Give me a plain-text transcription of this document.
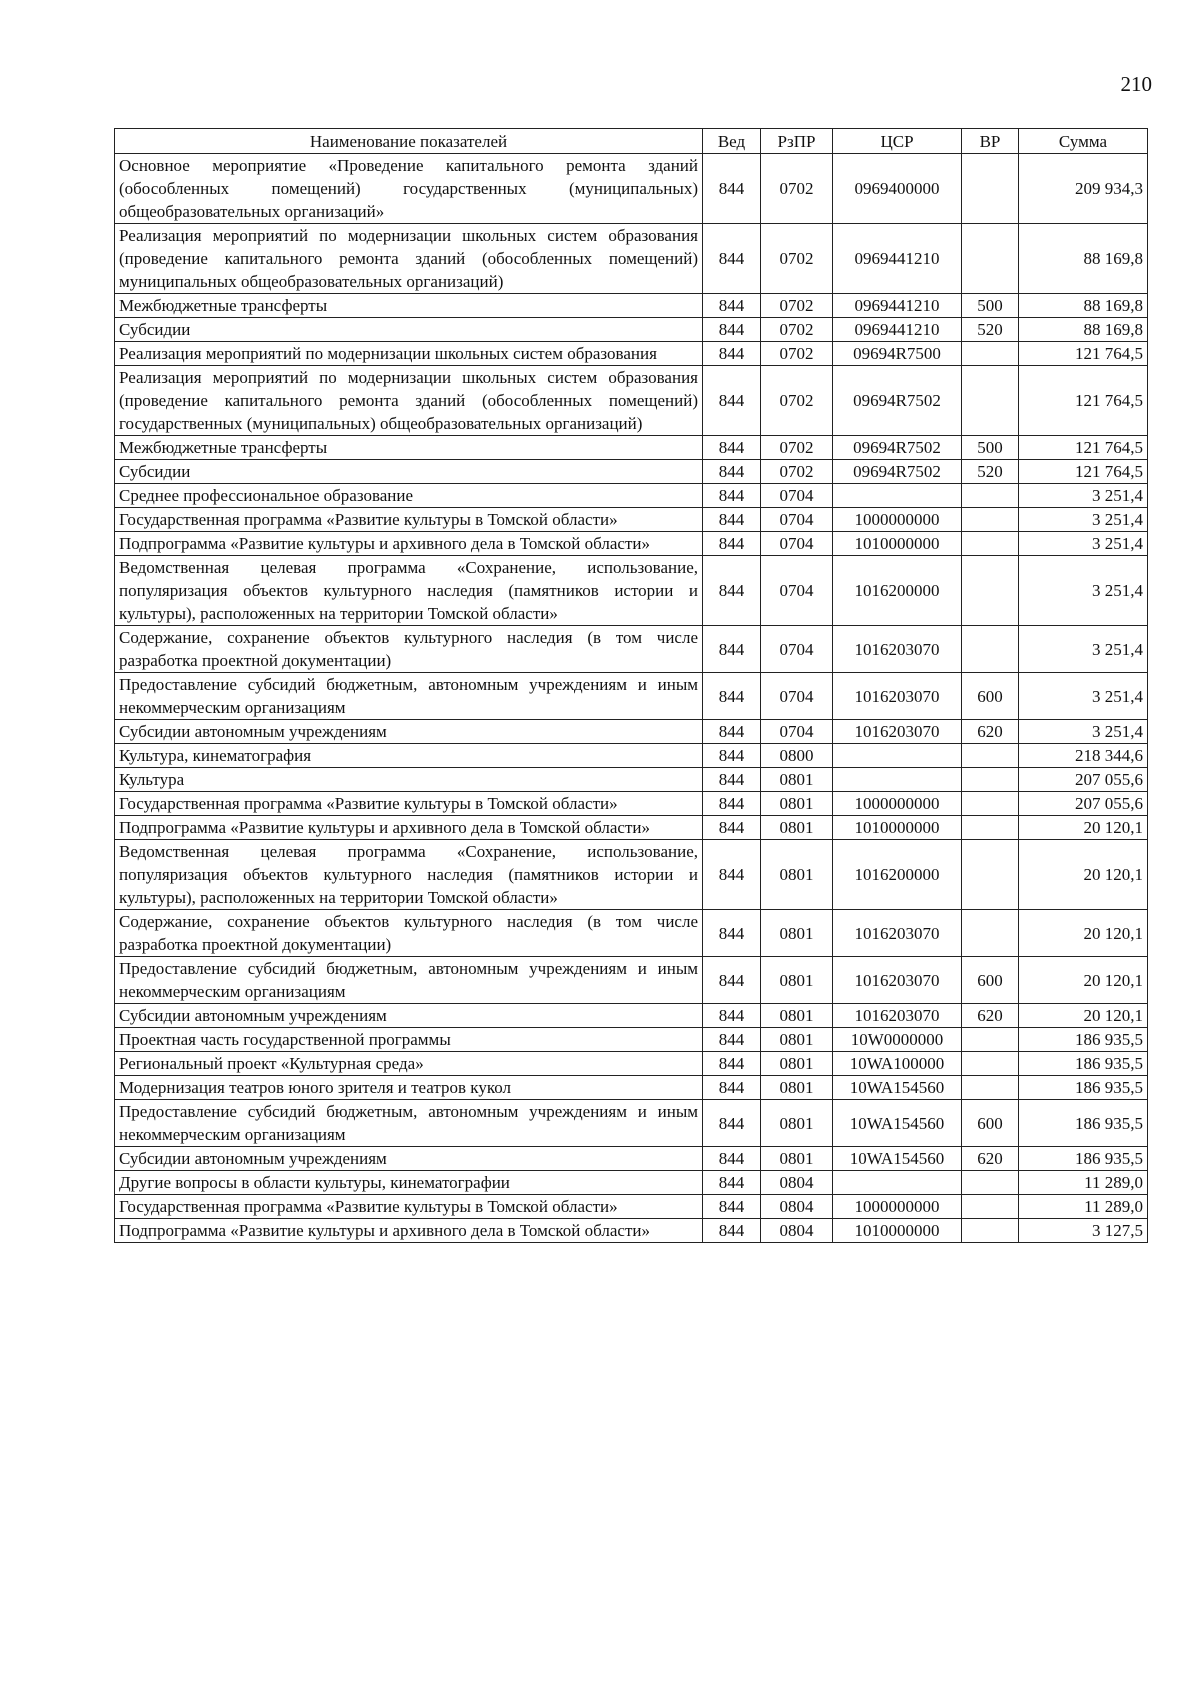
210
Наименование показателей	Вед	РзПР	ЦСР	ВР	Сумма
Основное мероприятие «Проведение капитального ремонта зданий (обособленных помещений) государственных (муниципальных) общеобразовательных организаций»	844	0702	0969400000		209 934,3
Реализация мероприятий по модернизации школьных систем образования (проведение капитального ремонта зданий (обособленных помещений) муниципальных общеобразовательных организаций)	844	0702	0969441210		88 169,8
Межбюджетные трансферты	844	0702	0969441210	500	88 169,8
Субсидии	844	0702	0969441210	520	88 169,8
Реализация мероприятий по модернизации школьных систем образования	844	0702	09694R7500		121 764,5
Реализация мероприятий по модернизации школьных систем образования (проведение капитального ремонта зданий (обособленных помещений) государственных (муниципальных) общеобразовательных организаций)	844	0702	09694R7502		121 764,5
Межбюджетные трансферты	844	0702	09694R7502	500	121 764,5
Субсидии	844	0702	09694R7502	520	121 764,5
Среднее профессиональное образование	844	0704			3 251,4
Государственная программа «Развитие культуры в Томской области»	844	0704	1000000000		3 251,4
Подпрограмма «Развитие культуры и архивного дела в Томской области»	844	0704	1010000000		3 251,4
Ведомственная целевая программа «Сохранение, использование, популяризация объектов культурного наследия (памятников истории и культуры), расположенных на территории Томской области»	844	0704	1016200000		3 251,4
Содержание, сохранение объектов культурного наследия (в том числе разработка проектной документации)	844	0704	1016203070		3 251,4
Предоставление субсидий бюджетным, автономным учреждениям и иным некоммерческим организациям	844	0704	1016203070	600	3 251,4
Субсидии автономным учреждениям	844	0704	1016203070	620	3 251,4
Культура, кинематография	844	0800			218 344,6
Культура	844	0801			207 055,6
Государственная программа «Развитие культуры в Томской области»	844	0801	1000000000		207 055,6
Подпрограмма «Развитие культуры и архивного дела в Томской области»	844	0801	1010000000		20 120,1
Ведомственная целевая программа «Сохранение, использование, популяризация объектов культурного наследия (памятников истории и культуры), расположенных на территории Томской области»	844	0801	1016200000		20 120,1
Содержание, сохранение объектов культурного наследия (в том числе разработка проектной документации)	844	0801	1016203070		20 120,1
Предоставление субсидий бюджетным, автономным учреждениям и иным некоммерческим организациям	844	0801	1016203070	600	20 120,1
Субсидии автономным учреждениям	844	0801	1016203070	620	20 120,1
Проектная часть государственной программы	844	0801	10W0000000		186 935,5
Региональный проект «Культурная среда»	844	0801	10WA100000		186 935,5
Модернизация театров юного зрителя и театров кукол	844	0801	10WA154560		186 935,5
Предоставление субсидий бюджетным, автономным учреждениям и иным некоммерческим организациям	844	0801	10WA154560	600	186 935,5
Субсидии автономным учреждениям	844	0801	10WA154560	620	186 935,5
Другие вопросы в области культуры, кинематографии	844	0804			11 289,0
Государственная программа «Развитие культуры в Томской области»	844	0804	1000000000		11 289,0
Подпрограмма «Развитие культуры и архивного дела в Томской области»	844	0804	1010000000		3 127,5
